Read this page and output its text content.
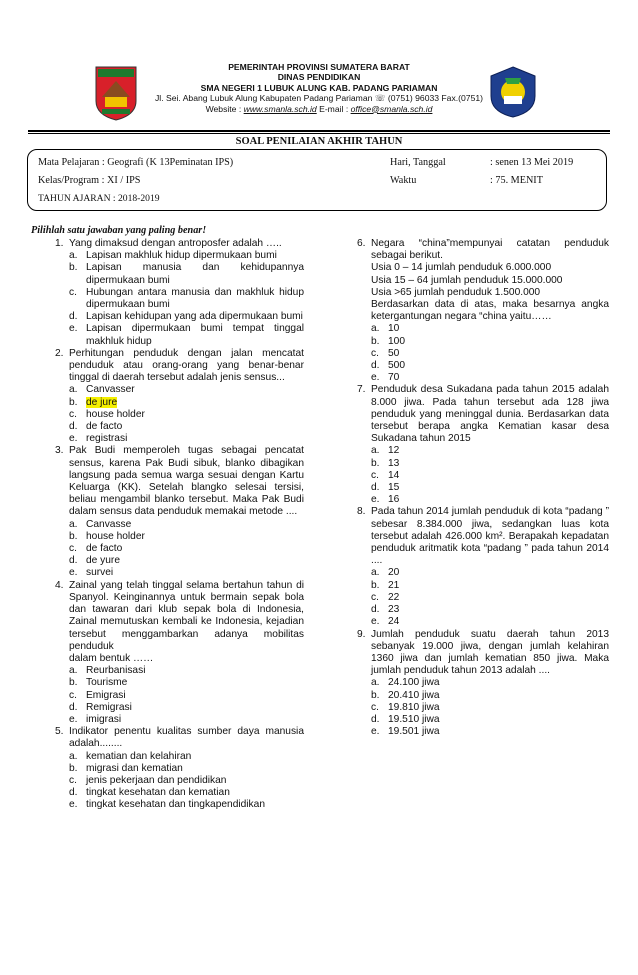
PEMERINTAH PROVINSI SUMATERA BARAT
DINAS PENDIDIKAN
SMA NEGERI 1 LUBUK ALUNG KAB. PADANG PARIAMAN
Jl. Sei. Abang Lubuk Alung Kabupaten Padang Pariaman ☏ (0751) 96033 Fax.(0751)
Website : www.smanla.sch.id E-mail : office@smanla.sch.id
SOAL PENILAIAN AKHIR TAHUN
Mata Pelajaran : Geografi (K 13Peminatan IPS)
Kelas/Program : XI / IPS
TAHUN AJARAN : 2018-2019
Hari, Tanggal	: senen 13 Mei 2019
Waktu	: 75. MENIT
Pilihlah satu jawaban yang paling benar!
1. Yang dimaksud dengan antroposfer adalah …..
a. Lapisan makhluk hidup dipermukaan bumi
b. Lapisan manusia dan kehidupannya dipermukaan bumi
c. Hubungan antara manusia dan makhluk hidup dipermukaan bumi
d. Lapisan kehidupan yang ada dipermukaan bumi
e. Lapisan dipermukaan bumi tempat tinggal makhluk hidup
2. Perhitungan penduduk dengan jalan mencatat penduduk atau orang-orang yang benar-benar tinggal di daerah tersebut adalah jenis sensus...
a. Canvasser
b. de jure
c. house holder
d. de facto
e. registrasi
3. Pak Budi memperoleh tugas sebagai pencatat sensus, karena Pak Budi sibuk, blanko dibagikan langsung pada semua warga sesuai dengan Kartu Keluarga (KK). Setelah blangko selesai tersisi, beliau mengambil blanko tersebut. Maka Pak Budi dalam sensus data penduduk memakai metode ....
a. Canvasse
b. house holder
c. de facto
d. de yure
e. survei
4. Zainal yang telah tinggal selama bertahun tahun di Spanyol. Keinginannya untuk bermain sepak bola dan tawaran dari klub sepak bola di Indonesia, Zainal memutuskan kembali ke Indonesia, kejadian tersebut menggambarkan adanya mobilitas penduduk
dalam bentuk ……
a. Reurbanisasi
b. Tourisme
c. Emigrasi
d. Remigrasi
e. imigrasi
5. Indikator penentu kualitas sumber daya manusia adalah........
a. kematian dan kelahiran
b. migrasi dan kematian
c. jenis pekerjaan dan pendidikan
d. tingkat kesehatan dan kematian
e. tingkat kesehatan dan tingkapendidikan
6. Negara “china”mempunyai catatan penduduk sebagai berikut.
Usia 0 – 14 jumlah penduduk 6.000.000
Usia 15 – 64 jumlah penduduk 15.000.000
Usia >65 jumlah penduduk 1.500.000
Berdasarkan data di atas, maka besarnya angka ketergantungan negara “china yaitu……
a. 10
b. 100
c. 50
d. 500
e. 70
7. Penduduk desa Sukadana pada tahun 2015 adalah 8.000 jiwa. Pada tahun tersebut ada 128 jiwa penduduk yang meninggal dunia. Berdasarkan data tersebut berapa angka Kematian kasar desa Sukadana tahun 2015
a. 12
b. 13
c. 14
d. 15
e. 16
8. Pada tahun 2014 jumlah penduduk di kota “padang ” sebesar 8.384.000 jiwa, sedangkan luas kota tersebut adalah 426.000 km². Berapakah kepadatan penduduk aritmatik kota “padang ” pada tahun 2014 ....
a. 20
b. 21
c. 22
d. 23
e. 24
9. Jumlah penduduk suatu daerah tahun 2013 sebanyak 19.000 jiwa, dengan jumlah kelahiran 1360 jiwa dan jumlah kematian 850 jiwa. Maka jumlah penduduk tahun 2013 adalah ....
a. 24.100 jiwa
b. 20.410 jiwa
c. 19.810 jiwa
d. 19.510 jiwa
e. 19.501 jiwa
